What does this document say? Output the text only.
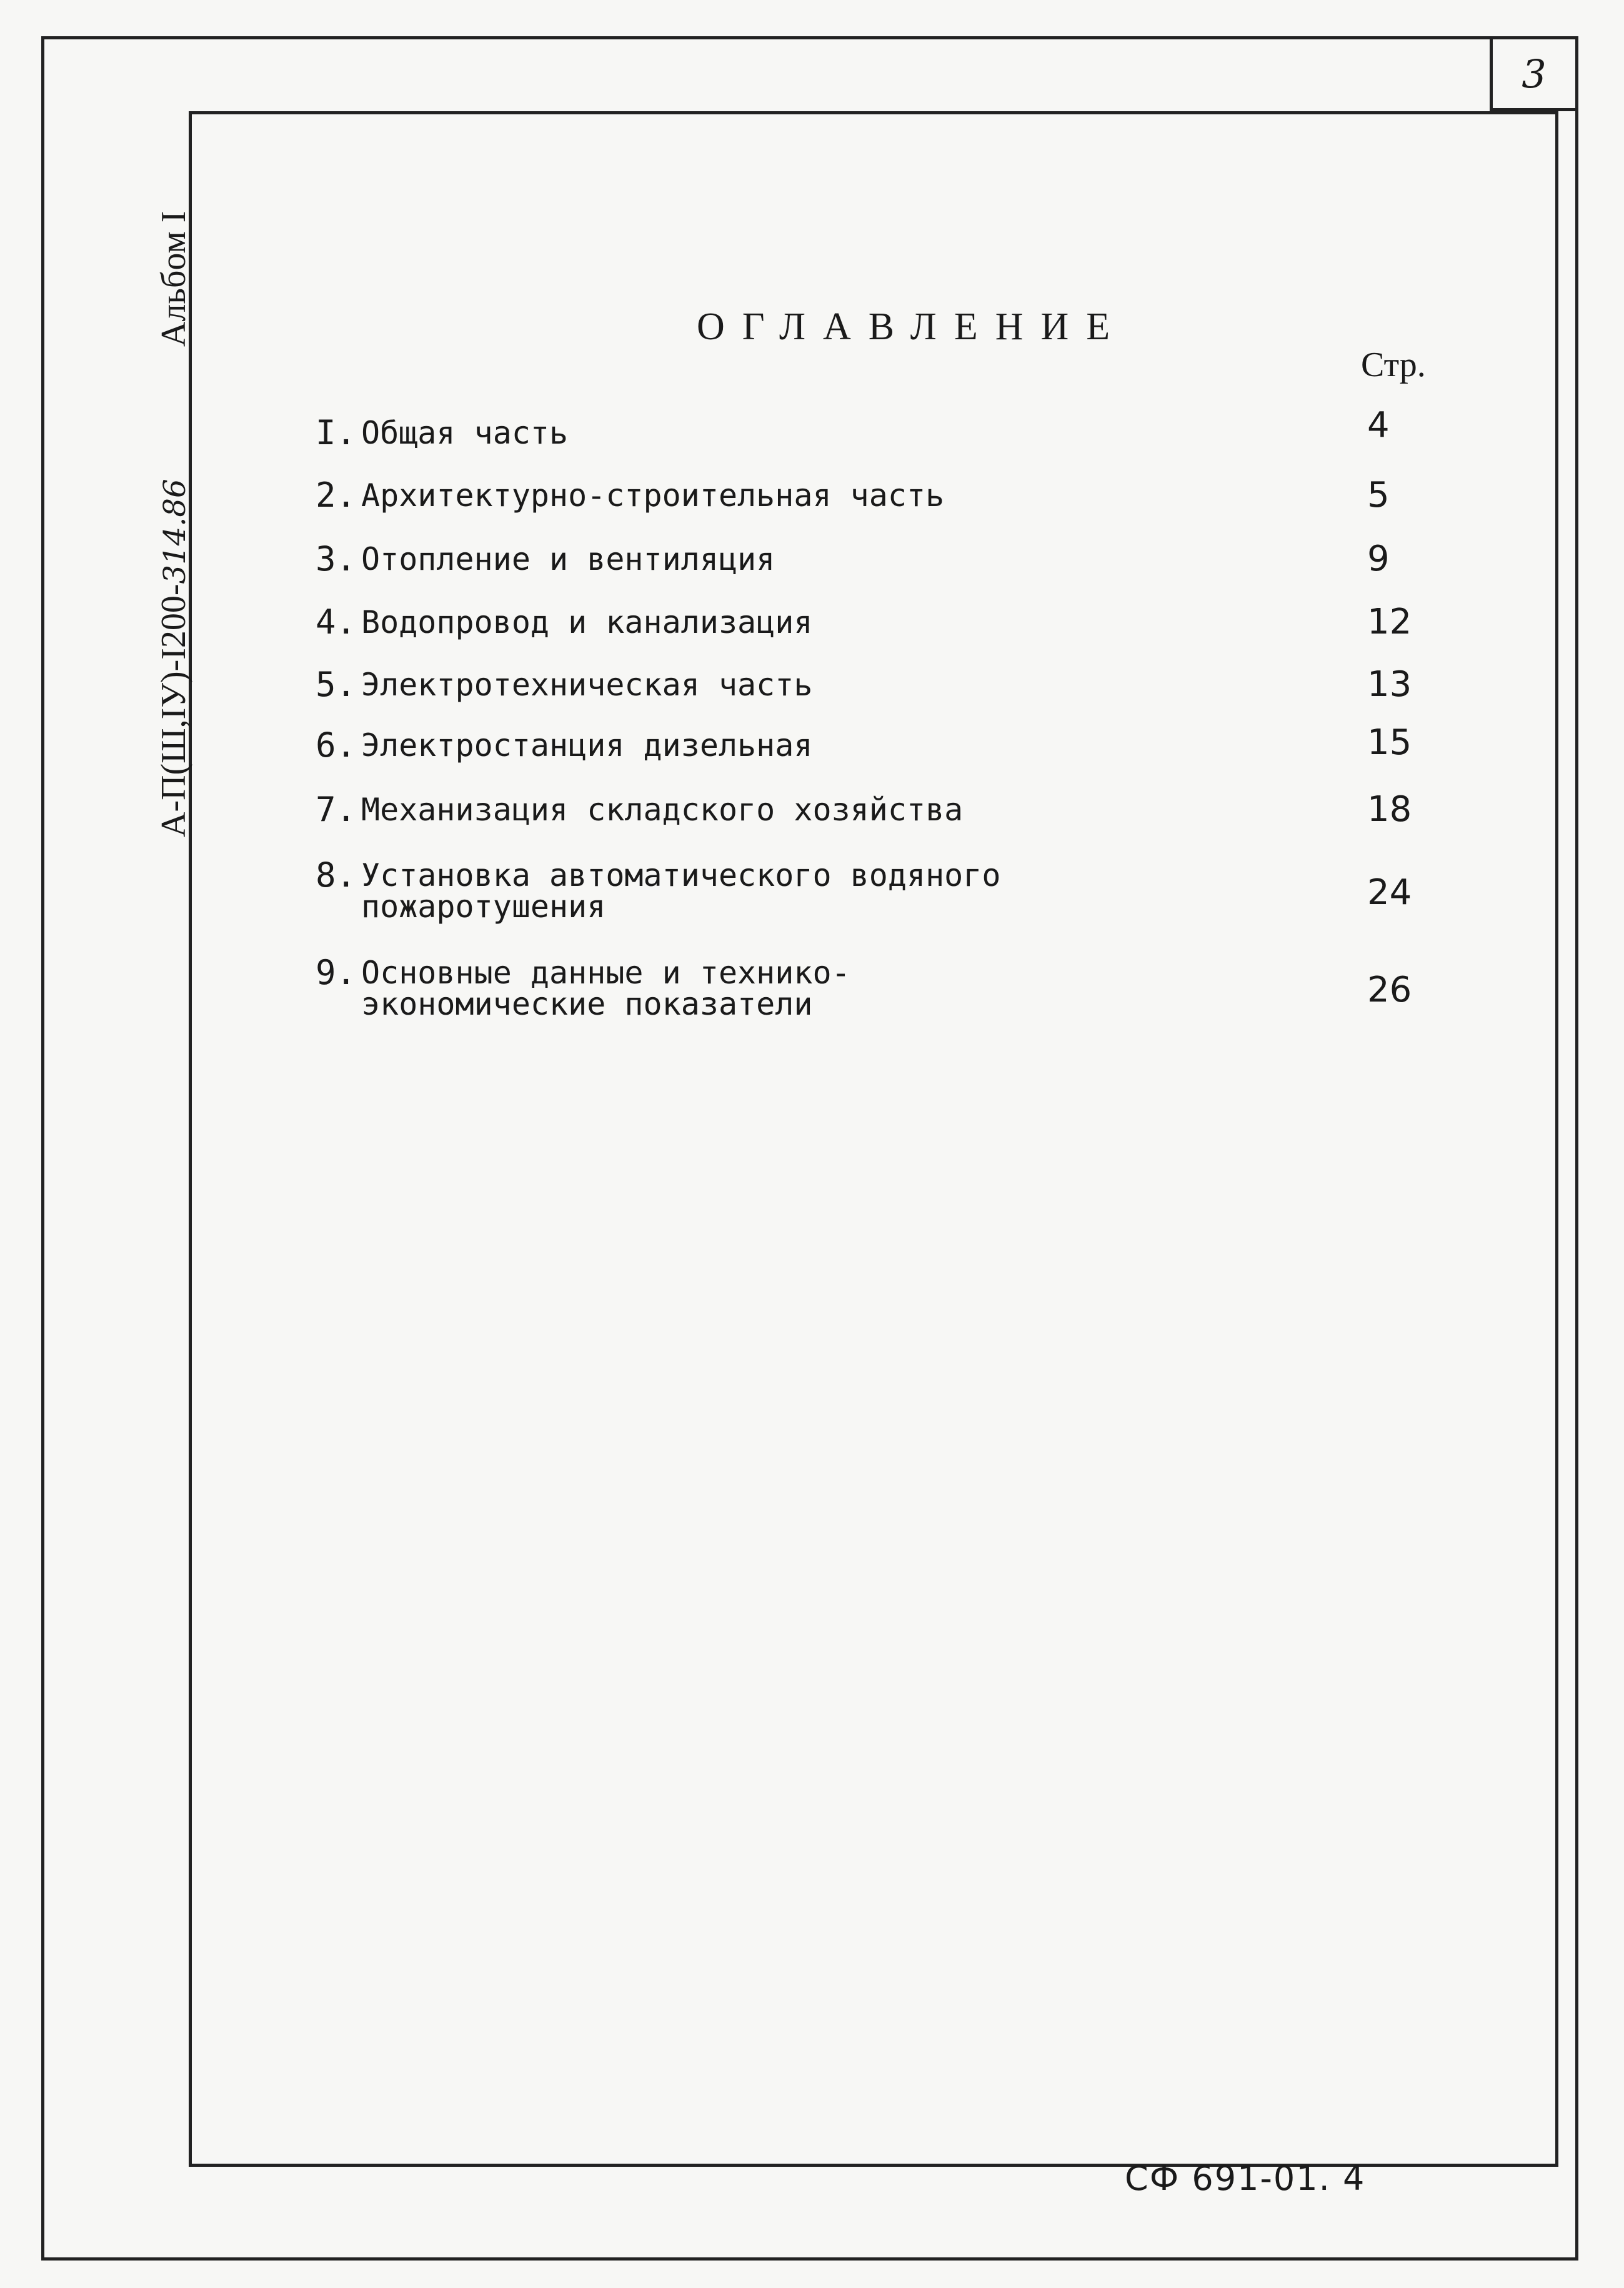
3
Альбом I
А-П(Ш,IУ)-I200-314.86
ОГЛАВЛЕНИЕ
Стр.
I. Общая часть	4
2. Архитектурно-строительная часть	5
3. Отопление и вентиляция	9
4. Водопровод и канализация	12
5. Электротехническая часть	13
6. Электростанция дизельная	15
7. Механизация складского хозяйства	18
8. Установка автоматического водяного
пожаротушения	24
9. Основные данные и технико-
экономические показатели	26
СФ 691-01. 4
